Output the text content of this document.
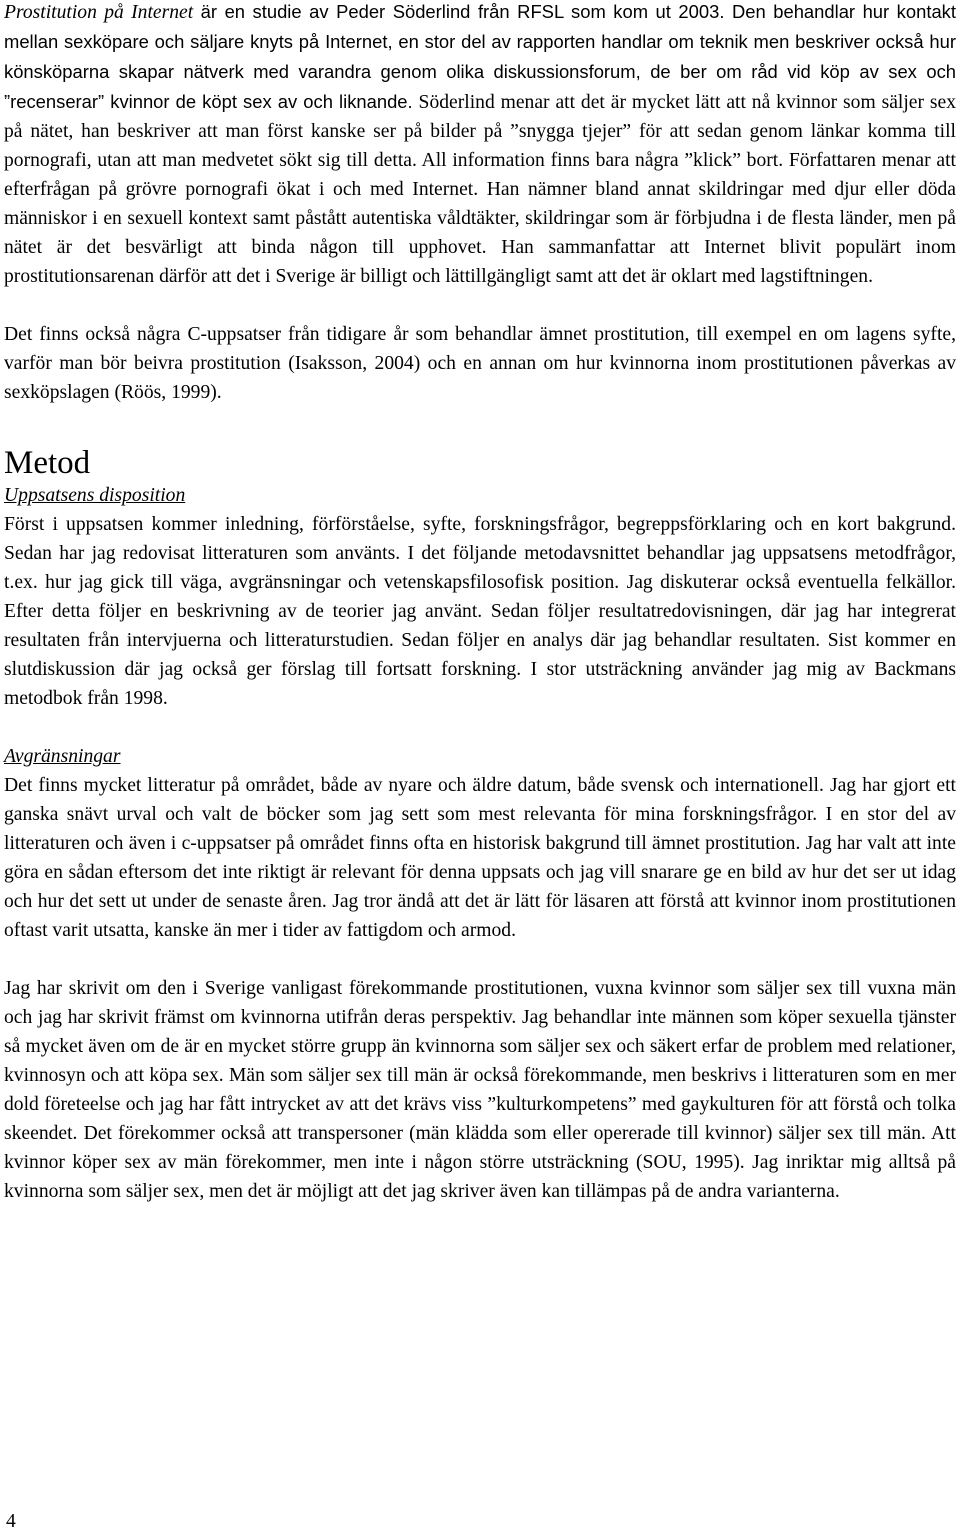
Prostitution på Internet är en studie av Peder Söderlind från RFSL som kom ut 2003. Den behandlar hur kontakt mellan sexköpare och säljare knyts på Internet, en stor del av rapporten handlar om teknik men beskriver också hur könsköparna skapar nätverk med varandra genom olika diskussionsforum, de ber om råd vid köp av sex och ”recenserar” kvinnor de köpt sex av och liknande. Söderlind menar att det är mycket lätt att nå kvinnor som säljer sex på nätet, han beskriver att man först kanske ser på bilder på ”snygga tjejer” för att sedan genom länkar komma till pornografi, utan att man medvetet sökt sig till detta. All information finns bara några ”klick” bort. Författaren menar att efterfrågan på grövre pornografi ökat i och med Internet. Han nämner bland annat skildringar med djur eller döda människor i en sexuell kontext samt påstått autentiska våldtäkter, skildringar som är förbjudna i de flesta länder, men på nätet är det besvärligt att binda någon till upphovet. Han sammanfattar att Internet blivit populärt inom prostitutionsarenan därför att det i Sverige är billigt och lättillgängligt samt att det är oklart med lagstiftningen.

Det finns också några C-uppsatser från tidigare år som behandlar ämnet prostitution, till exempel en om lagens syfte, varför man bör beivra prostitution (Isaksson, 2004) och en annan om hur kvinnorna inom prostitutionen påverkas av sexköpslagen (Röös, 1999).

Metod
Uppsatsens disposition

Först i uppsatsen kommer inledning, förförståelse, syfte, forskningsfrågor, begreppsförklaring och en kort bakgrund. Sedan har jag redovisat litteraturen som använts. I det följande metodavsnittet behandlar jag uppsatsens metodfrågor, t.ex. hur jag gick till väga, avgränsningar och vetenskapsfilosofisk position. Jag diskuterar också eventuella felkällor. Efter detta följer en beskrivning av de teorier jag använt. Sedan följer resultatredovisningen, där jag har integrerat resultaten från intervjuerna och litteraturstudien. Sedan följer en analys där jag behandlar resultaten. Sist kommer en slutdiskussion där jag också ger förslag till fortsatt forskning. I stor utsträckning använder jag mig av Backmans metodbok från 1998.

Avgränsningar

Det finns mycket litteratur på området, både av nyare och äldre datum, både svensk och internationell. Jag har gjort ett ganska snävt urval och valt de böcker som jag sett som mest relevanta för mina forskningsfrågor. I en stor del av litteraturen och även i c-uppsatser på området finns ofta en historisk bakgrund till ämnet prostitution. Jag har valt att inte göra en sådan eftersom det inte riktigt är relevant för denna uppsats och jag vill snarare ge en bild av hur det ser ut idag och hur det sett ut under de senaste åren. Jag tror ändå att det är lätt för läsaren att förstå att kvinnor inom prostitutionen oftast varit utsatta, kanske än mer i tider av fattigdom och armod.

Jag har skrivit om den i Sverige vanligast förekommande prostitutionen, vuxna kvinnor som säljer sex till vuxna män och jag har skrivit främst om kvinnorna utifrån deras perspektiv. Jag behandlar inte männen som köper sexuella tjänster så mycket även om de är en mycket större grupp än kvinnorna som säljer sex och säkert erfar de problem med relationer, kvinnosyn och att köpa sex. Män som säljer sex till män är också förekommande, men beskrivs i litteraturen som en mer dold företeelse och jag har fått intrycket av att det krävs viss ”kulturkompetens” med gaykulturen för att förstå och tolka skeendet. Det förekommer också att transpersoner (män klädda som eller opererade till kvinnor) säljer sex till män. Att kvinnor köper sex av män förekommer, men inte i någon större utsträckning (SOU, 1995). Jag inriktar mig alltså på kvinnorna som säljer sex, men det är möjligt att det jag skriver även kan tillämpas på de andra varianterna.

4
